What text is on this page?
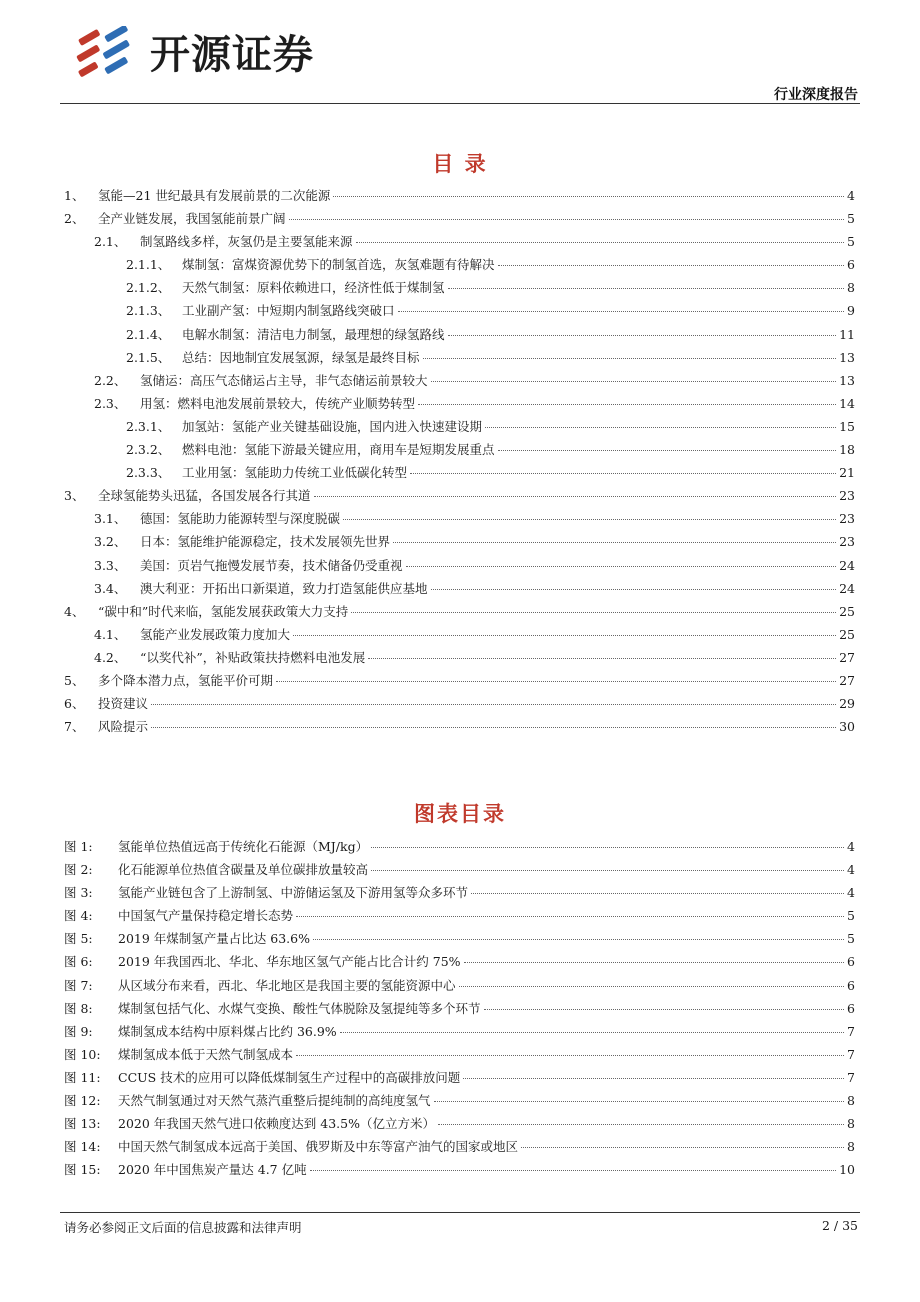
开源证券
行业深度报告
目 录
1、	氢能—21 世纪最具有发展前景的二次能源	4
2、	全产业链发展，我国氢能前景广阔	5
2.1、	制氢路线多样，灰氢仍是主要氢能来源	5
2.1.1、 煤制氢：富煤资源优势下的制氢首选，灰氢难题有待解决	6
2.1.2、 天然气制氢：原料依赖进口，经济性低于煤制氢	8
2.1.3、 工业副产氢：中短期内制氢路线突破口	9
2.1.4、 电解水制氢：清洁电力制氢，最理想的绿氢路线	11
2.1.5、 总结：因地制宜发展氢源，绿氢是最终目标	13
2.2、	氢储运：高压气态储运占主导，非气态储运前景较大	13
2.3、	用氢：燃料电池发展前景较大，传统产业顺势转型	14
2.3.1、 加氢站：氢能产业关键基础设施，国内进入快速建设期	15
2.3.2、 燃料电池：氢能下游最关键应用，商用车是短期发展重点	18
2.3.3、 工业用氢：氢能助力传统工业低碳化转型	21
3、	全球氢能势头迅猛，各国发展各行其道	23
3.1、	德国：氢能助力能源转型与深度脱碳	23
3.2、	日本：氢能维护能源稳定，技术发展领先世界	23
3.3、	美国：页岩气拖慢发展节奏，技术储备仍受重视	24
3.4、	澳大利亚：开拓出口新渠道，致力打造氢能供应基地	24
4、	“碳中和”时代来临，氢能发展获政策大力支持	25
4.1、	氢能产业发展政策力度加大	25
4.2、	“以奖代补”，补贴政策扶持燃料电池发展	27
5、	多个降本潜力点，氢能平价可期	27
6、	投资建议	29
7、	风险提示	30
图表目录
图 1:	氢能单位热值远高于传统化石能源（MJ/kg）	4
图 2:	化石能源单位热值含碳量及单位碳排放量较高	4
图 3:	氢能产业链包含了上游制氢、中游储运氢及下游用氢等众多环节	4
图 4:	中国氢气产量保持稳定增长态势	5
图 5:	2019 年煤制氢产量占比达 63.6%	5
图 6:	2019 年我国西北、华北、华东地区氢气产能占比合计约 75%	6
图 7:	从区域分布来看，西北、华北地区是我国主要的氢能资源中心	6
图 8:	煤制氢包括气化、水煤气变换、酸性气体脱除及氢提纯等多个环节	6
图 9:	煤制氢成本结构中原料煤占比约 36.9%	7
图 10:	煤制氢成本低于天然气制氢成本	7
图 11:	CCUS 技术的应用可以降低煤制氢生产过程中的高碳排放问题	7
图 12:	天然气制氢通过对天然气蒸汽重整后提纯制的高纯度氢气	8
图 13:	2020 年我国天然气进口依赖度达到 43.5%（亿立方米）	8
图 14:	中国天然气制氢成本远高于美国、俄罗斯及中东等富产油气的国家或地区	8
图 15:	2020 年中国焦炭产量达 4.7 亿吨	10
请务必参阅正文后面的信息披露和法律声明	2 / 35
